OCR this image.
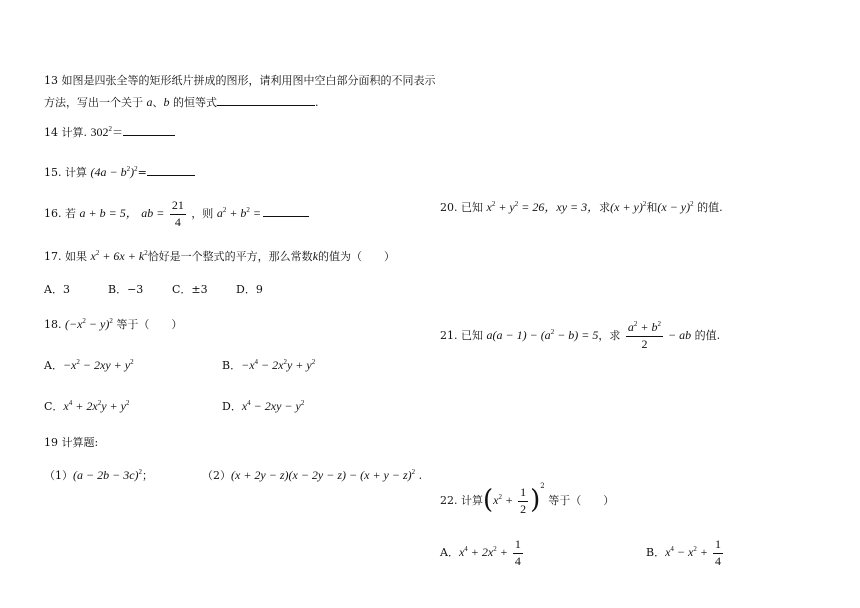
13 如图是四张全等的矩形纸片拼成的图形，请利用图中空白部分面积的不同表示
方法，写出一个关于 a、b 的恒等式	.
14 计算. $302^2=$
15. 计算 $(4a - b^2)^2=$
16. 若 a + b = 5， ab = $\frac{21}{4}$ ，则 $a^2 + b^2$ =
17. 如果 $x^2 + 6x + k^2$恰好是一个整式的平方，那么常数k的值为（　　）
A．3	B．−3	C．±3	D．9
18. $(-x^2 - y)^2$ 等于（　　）
A．$-x^2 - 2xy + y^2$	B．$-x^4 - 2x^2y + y^2$
C．$x^4 + 2x^2y + y^2$	D．$x^4 - 2xy - y^2$
19 计算题:
$(1)(a - 2b - 3c)^2$；	$(2)(x + 2y - z)(x - 2y - z) - (x + y - z)^2$ .
20. 已知 $x^2 + y^2 = 26$，xy = 3，求$(x + y)^2$和$(x - y)^2$ 的值.
21. 已知 $a(a - 1) - (a^2 - b) = 5$，求 $\frac{a^2 + b^2}{2}$ − ab 的值.
22. 计算$(x^2 + \frac{1}{2} )^2$ 等于（　　）
A．$x^4 + 2x^2 + \frac{1}{4}$	B．$x^4 - x^2 + \frac{1}{4}$
